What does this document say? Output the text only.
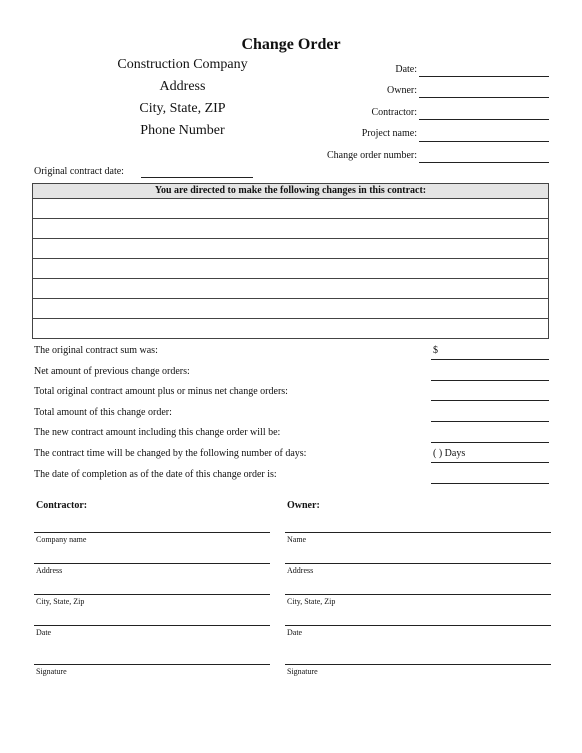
Change Order
Construction Company
Address
City, State, ZIP
Phone Number
Date:
Owner:
Contractor:
Project name:
Change order number:
Original contract date:
You are directed to make the following changes in this contract:
The original contract sum was:	$
Net amount of previous change orders:
Total original contract amount plus or minus net change orders:
Total amount of this change order:
The new contract amount including this change order will be:
The contract time will be changed by the following number of days:	( ) Days
The date of completion as of the date of this change order is:
Contractor:
Company name
Address
City, State, Zip
Date
Signature
Owner:
Name
Address
City, State, Zip
Date
Signature
